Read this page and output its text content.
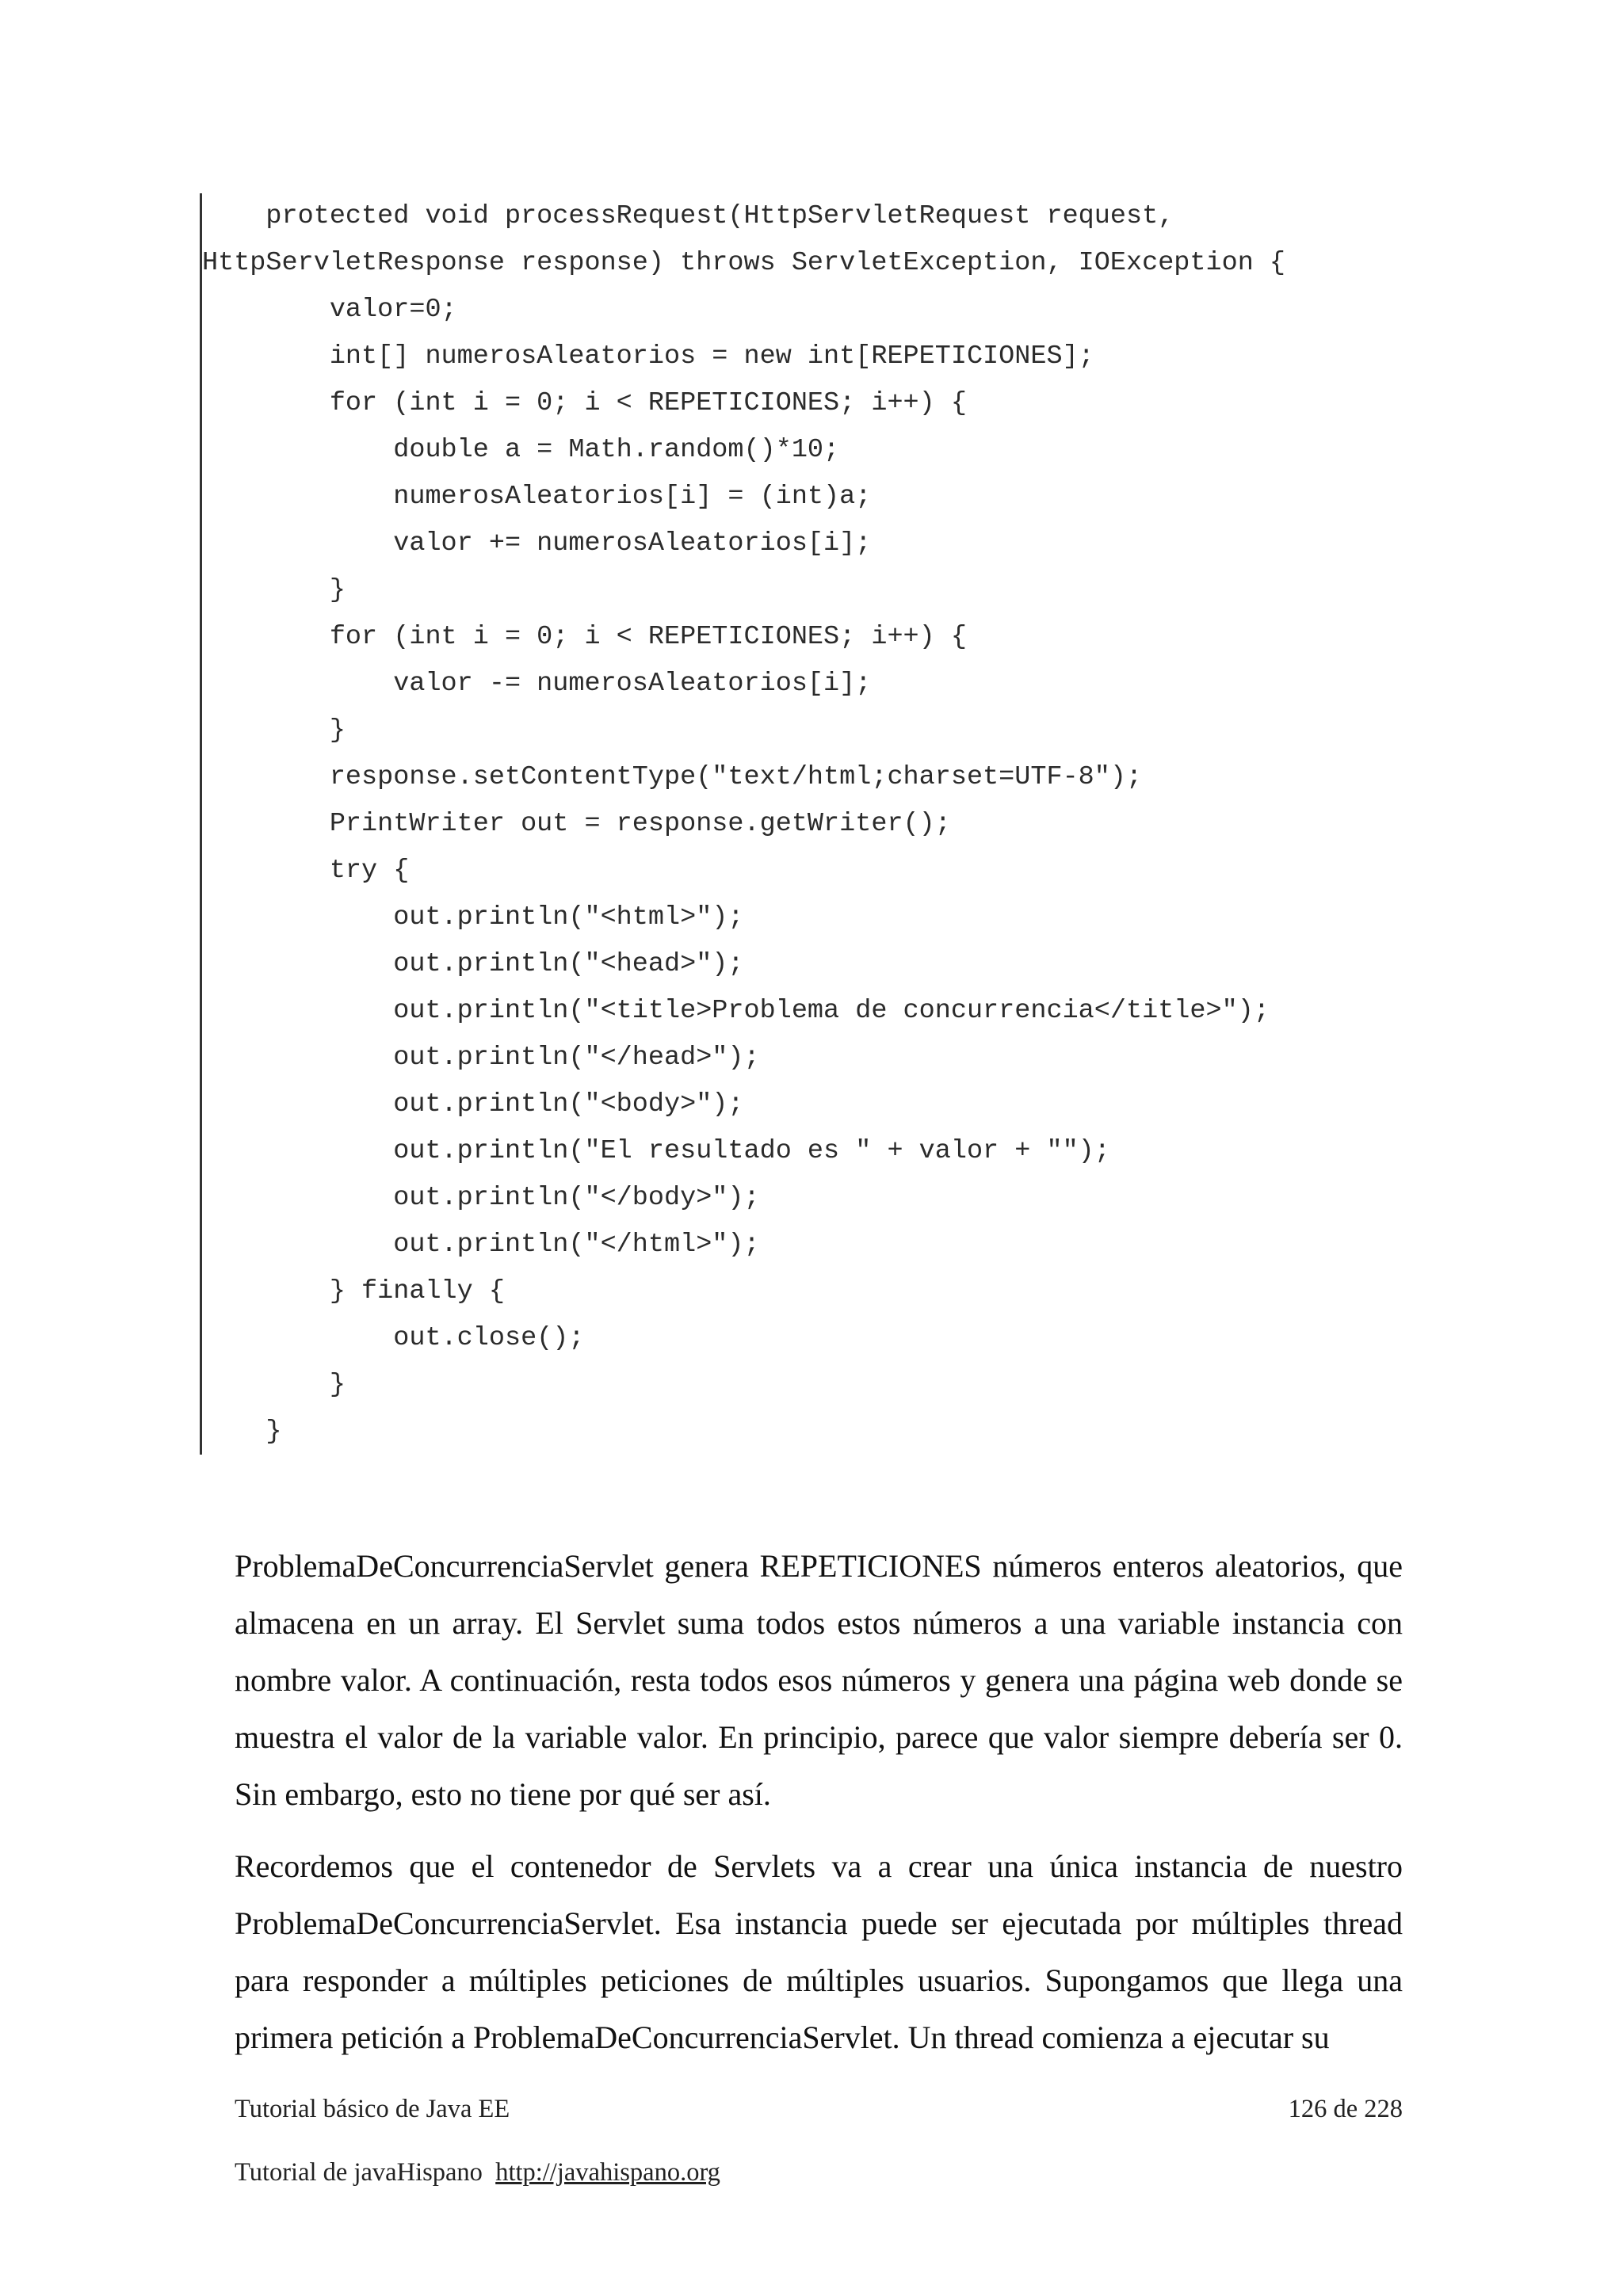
protected void processRequest(HttpServletRequest request,
HttpServletResponse response) throws ServletException, IOException {
valor=0;
int[] numerosAleatorios = new int[REPETICIONES];
for (int i = 0; i < REPETICIONES; i++) {
double a = Math.random()*10;
numerosAleatorios[i] = (int)a;
valor += numerosAleatorios[i];
}
for (int i = 0; i < REPETICIONES; i++) {
valor -= numerosAleatorios[i];
}
response.setContentType("text/html;charset=UTF-8");
PrintWriter out = response.getWriter();
try {
out.println("<html>");
out.println("<head>");
out.println("<title>Problema de concurrencia</title>");
out.println("</head>");
out.println("<body>");
out.println("El resultado es " + valor + "");
out.println("</body>");
out.println("</html>");
} finally {
out.close();
}
}

ProblemaDeConcurrenciaServlet genera REPETICIONES números enteros aleatorios, que almacena en un array. El Servlet suma todos estos números a una variable instancia con nombre valor. A continuación, resta todos esos números y genera una página web donde se muestra el valor de la variable valor. En principio, parece que valor siempre debería ser 0. Sin embargo, esto no tiene por qué ser así.

Recordemos que el contenedor de Servlets va a crear una única instancia de nuestro ProblemaDeConcurrenciaServlet. Esa instancia puede ser ejecutada por múltiples thread para responder a múltiples peticiones de múltiples usuarios. Supongamos que llega una primera petición a ProblemaDeConcurrenciaServlet. Un thread comienza a ejecutar su

Tutorial básico de Java EE	126 de 228

Tutorial de javaHispano http://javahispano.org
